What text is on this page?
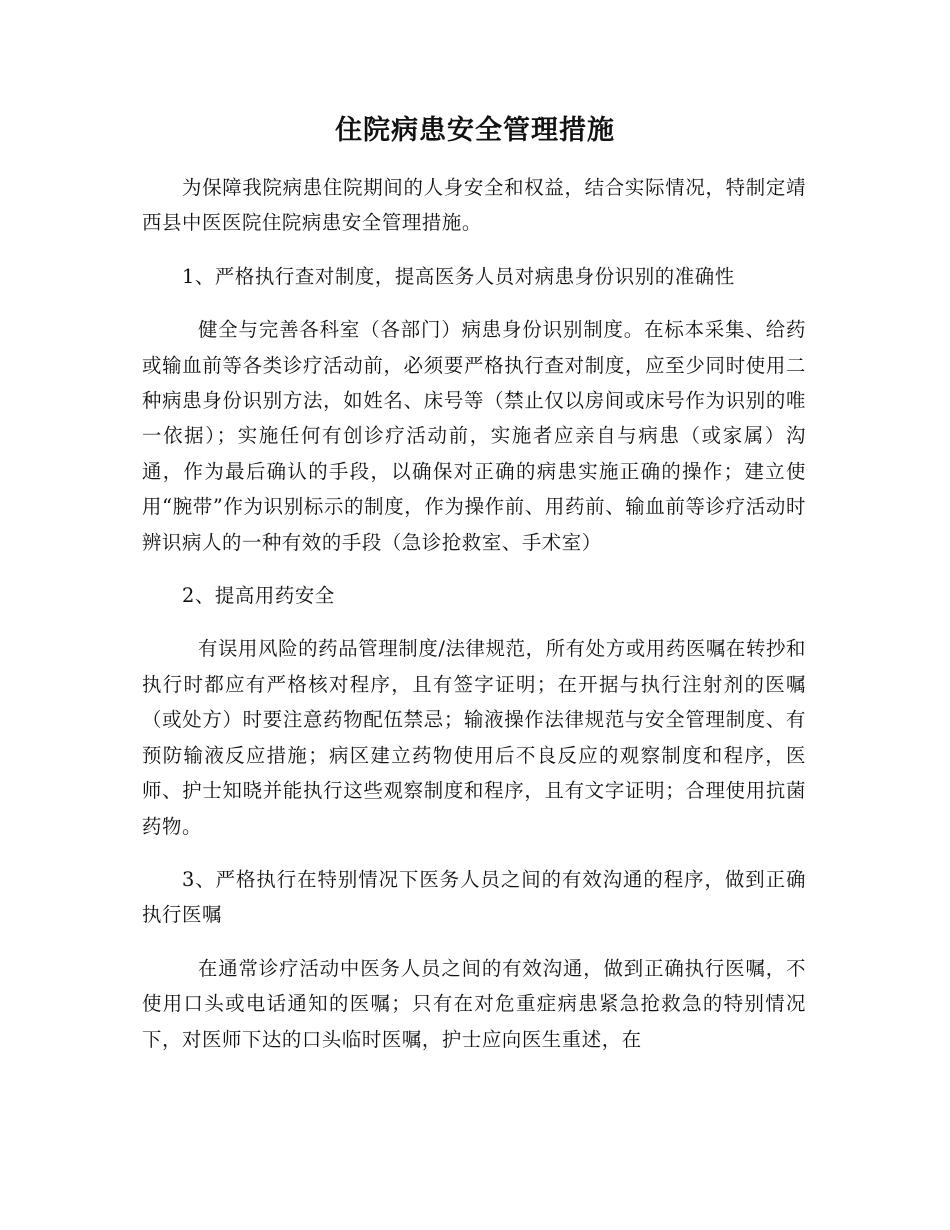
住院病患安全管理措施

为保障我院病患住院期间的人身安全和权益，结合实际情况，特制定靖西县中医医院住院病患安全管理措施。

1、严格执行查对制度，提高医务人员对病患身份识别的准确性

健全与完善各科室（各部门）病患身份识别制度。在标本采集、给药或输血前等各类诊疗活动前，必须要严格执行查对制度，应至少同时使用二种病患身份识别方法，如姓名、床号等（禁止仅以房间或床号作为识别的唯一依据）；实施任何有创诊疗活动前，实施者应亲自与病患（或家属）沟通，作为最后确认的手段，以确保对正确的病患实施正确的操作；建立使用“腕带”作为识别标示的制度，作为操作前、用药前、输血前等诊疗活动时辨识病人的一种有效的手段（急诊抢救室、手术室）

2、提高用药安全

有误用风险的药品管理制度/法律规范，所有处方或用药医嘱在转抄和执行时都应有严格核对程序，且有签字证明；在开据与执行注射剂的医嘱（或处方）时要注意药物配伍禁忌；输液操作法律规范与安全管理制度、有预防输液反应措施；病区建立药物使用后不良反应的观察制度和程序，医师、护士知晓并能执行这些观察制度和程序，且有文字证明；合理使用抗菌药物。

3、严格执行在特别情况下医务人员之间的有效沟通的程序，做到正确执行医嘱

在通常诊疗活动中医务人员之间的有效沟通，做到正确执行医嘱，不使用口头或电话通知的医嘱；只有在对危重症病患紧急抢救急的特别情况下，对医师下达的口头临时医嘱，护士应向医生重述，在
